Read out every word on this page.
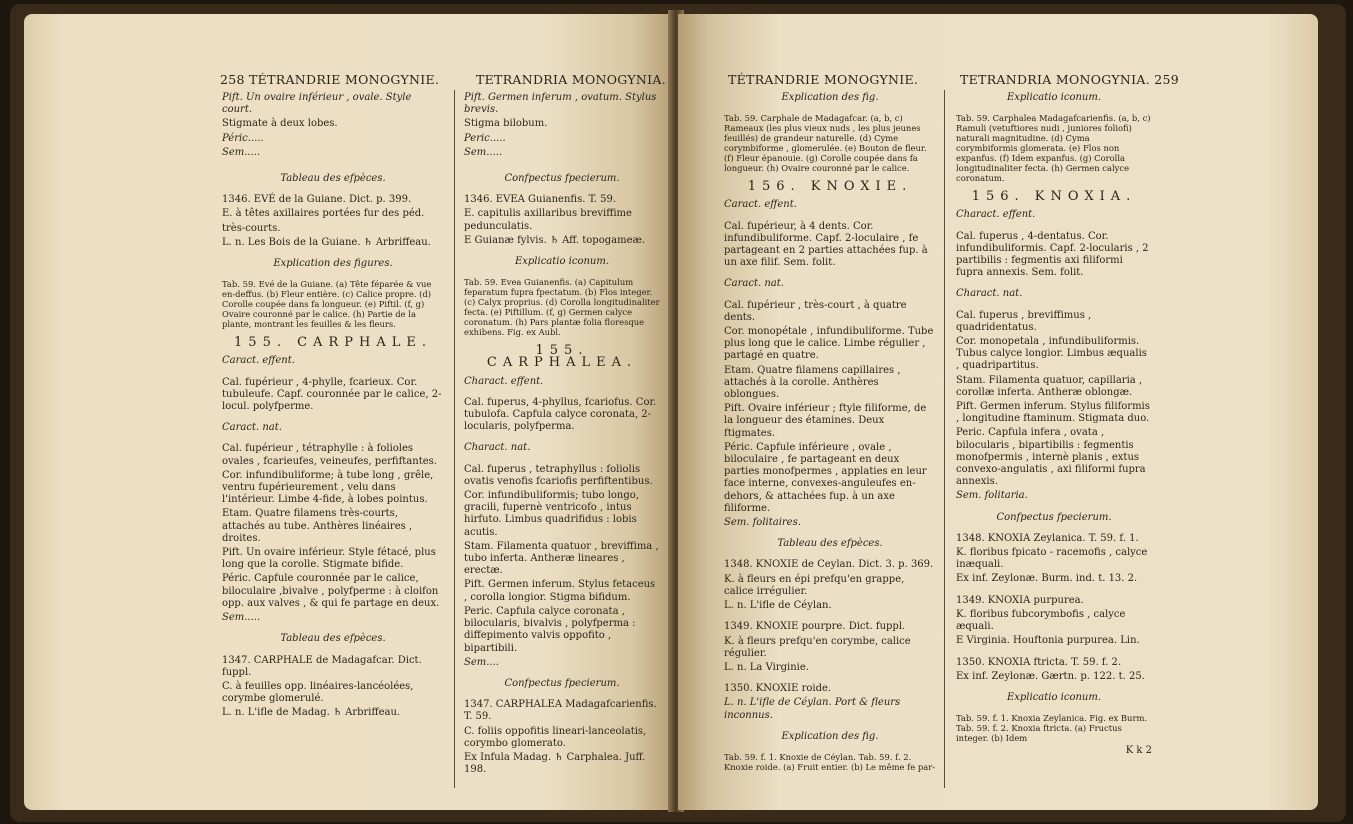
258 TÉTRANDRIE MONOGYNIE.	TETRANDRIA MONOGYNIA.
Pift. Un ovaire inférieur , ovale. Style court.
Stigmate à deux lobes.
Péric.....
Sem.....
Tableau des efpèces.
1346. EVÉ de la Guiane. Dict. p. 399.
E. à têtes axillaires portées fur des péd.
très-courts.
L. n. Les Bois de la Guiane. ♄ Arbriffeau.
Explication des figures.
Tab. 59. Evé de la Guiane. (a) Tête féparée & vue en-deffus. (b) Fleur entière. (c) Calice propre. (d) Corolle coupée dans fa longueur. (e) Piftil. (f, g) Ovaire couronné par le calice. (h) Partie de la plante, montrant les feuilles & les fleurs.
155. CARPHALE.
Caract. effent.
Cal. fupérieur , 4-phylle, fcarieux. Cor. tubuleufe. Capf. couronnée par le calice, 2-locul. polyfperme.
Caract. nat.
Cal. fupérieur , tétraphylle : à folioles ovales , fcarieufes, veineufes, perfiftantes.
Cor. infundibuliforme; à tube long , grêle, ventru fupérieurement , velu dans l'intérieur. Limbe 4-fide, à lobes pointus.
Etam. Quatre filamens très-courts, attachés au tube. Anthères linéaires , droites.
Pift. Un ovaire inférieur. Style fétacé, plus long que la corolle. Stigmate bifide.
Péric. Capfule couronnée par le calice, biloculaire ,bivalve , polyfperme : à cloifon opp. aux valves , & qui fe partage en deux.
Sem.....
Tableau des efpèces.
1347. CARPHALE de Madagafcar. Dict. fuppl.
C. à feuilles opp. linéaires-lancéolées, corymbe glomerulé.
L. n. L'ifle de Madag. ♄ Arbriffeau.
Pift. Germen inferum , ovatum. Stylus brevis.
Stigma bilobum.
Peric.....
Sem.....
Confpectus fpecierum.
1346. EVEA Guianenfis. T. 59.
E. capitulis axillaribus breviffime pedunculatis.
E Guianæ fylvis. ♄ Aff. topogameæ.
Explicatio iconum.
Tab. 59. Evea Guianenfis. (a) Capitulum feparatum fupra fpectatum. (b) Flos integer. (c) Calyx proprius. (d) Corolla longitudinaliter fecta. (e) Piftillum. (f, g) Germen calyce coronatum. (h) Pars plantæ folia floresque exhibens. Fig. ex Aubl.
155. CARPHALEA.
Charact. effent.
Cal. fuperus, 4-phyllus, fcariofus. Cor. tubulofa. Capfula calyce coronata, 2-locularis, polyfperma.
Charact. nat.
Cal. fuperus , tetraphyllus : foliolis ovatis venofis fcariofis perfiftentibus.
Cor. infundibuliformis; tubo longo, gracili, fupernè ventricofo , intus hirfuto. Limbus quadrifidus : lobis acutis.
Stam. Filamenta quatuor , breviffima , tubo inferta. Antheræ lineares , erectæ.
Pift. Germen inferum. Stylus fetaceus , corolla longior. Stigma bifidum.
Peric. Capfula calyce coronata , bilocularis, bivalvis , polyfperma : diffepimento valvis oppofito , bipartibili.
Sem....
Confpectus fpecierum.
1347. CARPHALEA Madagafcarienfis. T. 59.
C. foliis oppofitis lineari-lanceolatis, corymbo glomerato.
Ex Infula Madag. ♄ Carphalea. Juff. 198.
TÉTRANDRIE MONOGYNIE.	TETRANDRIA MONOGYNIA. 259
Explication des fig.
Tab. 59. Carphale de Madagafcar. (a, b, c) Rameaux (les plus vieux nuds , les plus jeunes feuillés) de grandeur naturelle. (d) Cyme corymbiforme , glomerulée. (e) Bouton de fleur. (f) Fleur épanouie. (g) Corolle coupée dans fa longueur. (h) Ovaire couronné par le calice.
156. KNOXIE.
Caract. effent.
Cal. fupérieur, à 4 dents. Cor. infundibuliforme. Capf. 2-loculaire , fe partageant en 2 parties attachées fup. à un axe filif. Sem. folit.
Caract. nat.
Cal. fupérieur , très-court , à quatre dents.
Cor. monopétale , infundibuliforme. Tube plus long que le calice. Limbe régulier , partagé en quatre.
Etam. Quatre filamens capillaires , attachés à la corolle. Anthères oblongues.
Pift. Ovaire inférieur ; ftyle filiforme, de la longueur des étamines. Deux ftigmates.
Péric. Capfule inférieure , ovale , biloculaire , fe partageant en deux parties monofpermes , applaties en leur face interne, convexes-anguleufes en-dehors, & attachées fup. à un axe filiforme.
Sem. folitaires.
Tableau des efpèces.
1348. KNOXIE de Ceylan. Dict. 3. p. 369.
K. à fleurs en épi prefqu'en grappe, calice irrégulier.
L. n. L'ifle de Céylan.
1349. KNOXIE pourpre. Dict. fuppl.
K. à fleurs prefqu'en corymbe, calice régulier.
L. n. La Virginie.
1350. KNOXIE roide.
L. n. L'ifle de Céylan. Port & fleurs inconnus.
Explication des fig.
Tab. 59. f. 1. Knoxie de Céylan. Tab. 59. f. 2. Knoxie roide. (a) Fruit entier. (b) Le même fe par-
Explicatio iconum.
Tab. 59. Carphalea Madagafcarienfis. (a, b, c) Ramuli (vetuftiores nudi , juniores foliofi) naturali magnitudine. (d) Cyma corymbiformis glomerata. (e) Flos non expanfus. (f) Idem expanfus. (g) Corolla longitudinaliter fecta. (h) Germen calyce coronatum.
156. KNOXIA.
Charact. effent.
Cal. fuperus , 4-dentatus. Cor. infundibuliformis. Capf. 2-locularis , 2 partibilis : fegmentis axi filiformi fupra annexis. Sem. folit.
Charact. nat.
Cal. fuperus , breviffimus , quadridentatus.
Cor. monopetala , infundibuliformis. Tubus calyce longior. Limbus æqualis , quadripartitus.
Stam. Filamenta quatuor, capillaria , corollæ inferta. Antheræ oblongæ.
Pift. Germen inferum. Stylus filiformis , longitudine ftaminum. Stigmata duo.
Peric. Capfula infera , ovata , bilocularis , bipartibilis : fegmentis monofpermis , internè planis , extus convexo-angulatis , axi filiformi fupra annexis.
Sem. folitaria.
Confpectus fpecierum.
1348. KNOXIA Zeylanica. T. 59. f. 1.
K. floribus fpicato - racemofis , calyce inæquali.
Ex inf. Zeylonæ. Burm. ind. t. 13. 2.
1349. KNOXIA purpurea.
K. floribus fubcorymbofis , calyce æquali.
E Virginia. Houftonia purpurea. Lin.
1350. KNOXIA ftricta. T. 59. f. 2.
Ex inf. Zeylonæ. Gærtn. p. 122. t. 25.
Explicatio iconum.
Tab. 59. f. 1. Knoxia Zeylanica. Fig. ex Burm. Tab. 59. f. 2. Knoxia ftricta. (a) Fructus integer. (b) Idem
K k 2
